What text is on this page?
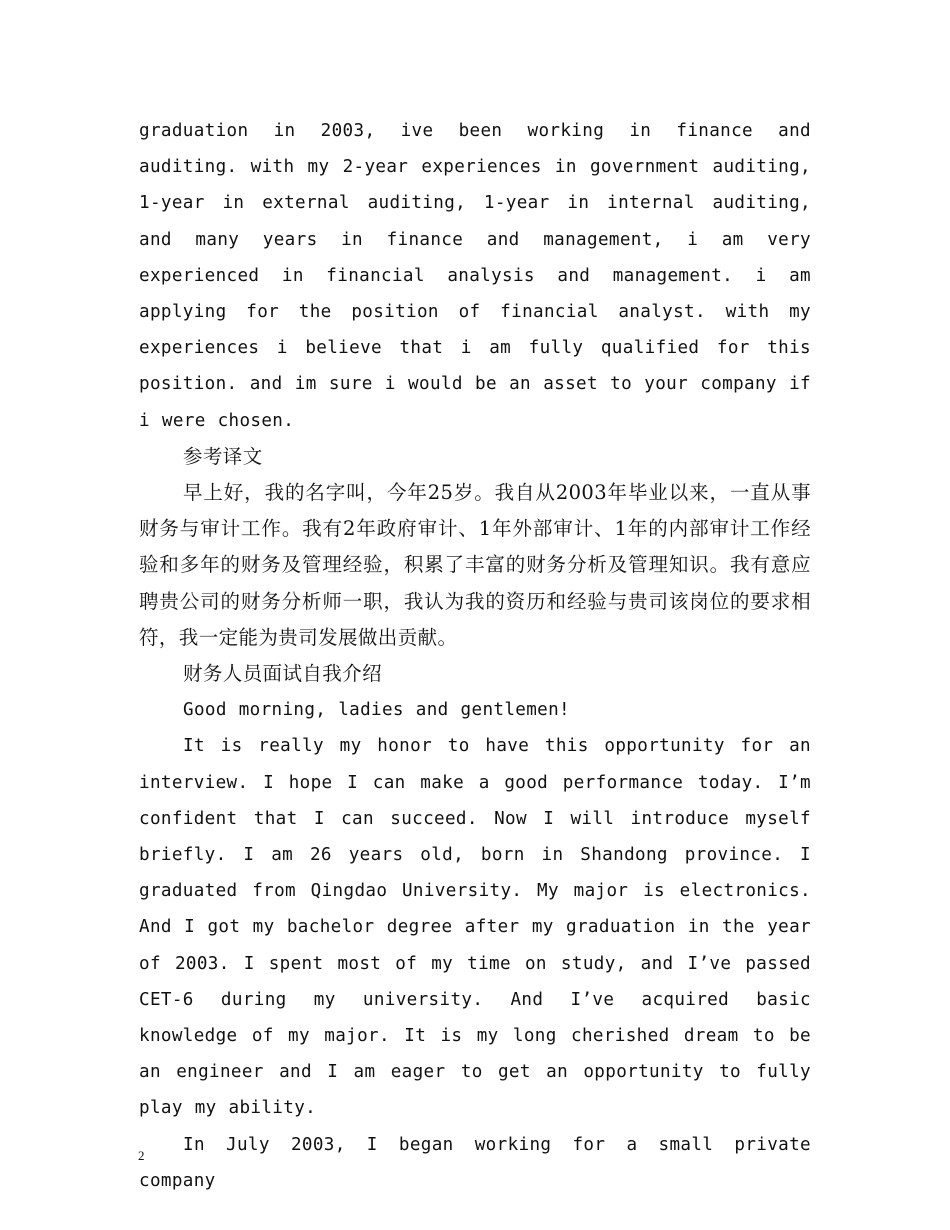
graduation in 2003, ive been working in finance and auditing. with my 2-year experiences in government auditing, 1-year in external auditing, 1-year in internal auditing, and many years in finance and management, i am very experienced in financial analysis and management. i am applying for the position of financial analyst. with my experiences i believe that i am fully qualified for this position. and im sure i would be an asset to your company if i were chosen.

参考译文

早上好，我的名字叫，今年25岁。我自从2003年毕业以来，一直从事财务与审计工作。我有2年政府审计、1年外部审计、1年的内部审计工作经验和多年的财务及管理经验，积累了丰富的财务分析及管理知识。我有意应聘贵公司的财务分析师一职，我认为我的资历和经验与贵司该岗位的要求相符，我一定能为贵司发展做出贡献。

财务人员面试自我介绍

Good morning, ladies and gentlemen!

It is really my honor to have this opportunity for an interview. I hope I can make a good performance today. I’m confident that I can succeed. Now I will introduce myself briefly. I am 26 years old, born in Shandong province. I graduated from Qingdao University. My major is electronics. And I got my bachelor degree after my graduation in the year of 2003. I spent most of my time on study, and I’ve passed CET-6 during my university. And I’ve acquired basic knowledge of my major. It is my long cherished dream to be an engineer and I am eager to get an opportunity to fully play my ability.

In July 2003, I began working for a small private company

2
